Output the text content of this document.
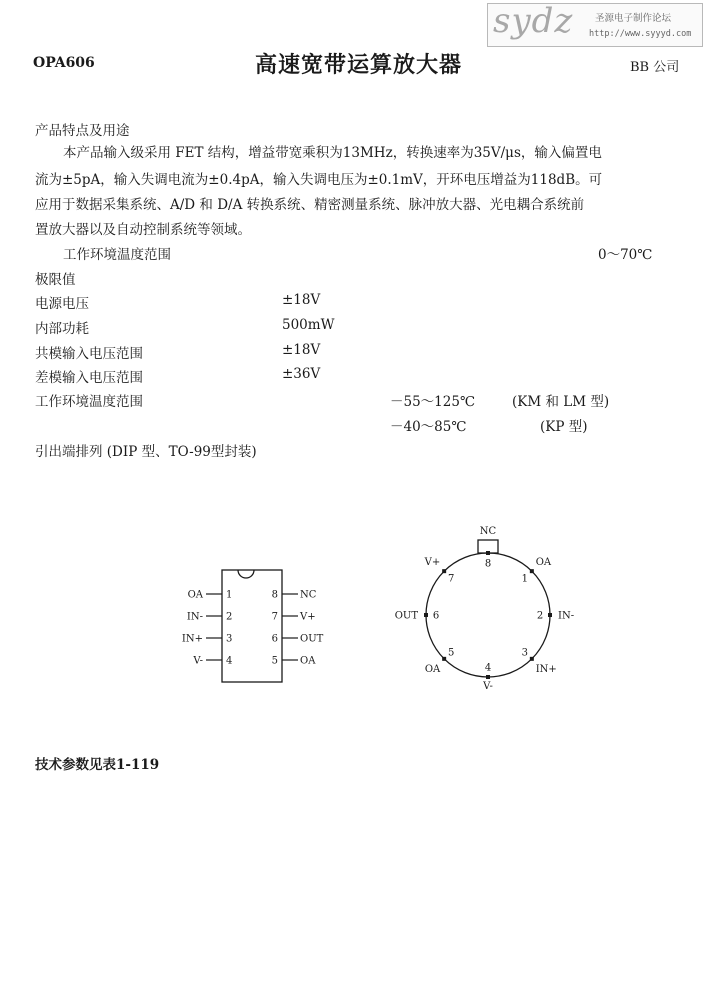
sydz 圣源电子制作论坛
http://www.syyyd.com
OPA606	高速宽带运算放大器	BB 公司
产品特点及用途
本产品输入级采用 FET 结构，增益带宽乘积为13MHz，转换速率为35V/μs，输入偏置电
流为±5pA，输入失调电流为±0.4pA，输入失调电压为±0.1mV，开环电压增益为118dB。可
应用于数据采集系统、A/D 和 D/A 转换系统、精密测量系统、脉冲放大器、光电耦合系统前
置放大器以及自动控制系统等领域。
工作环境温度范围	0～70℃
极限值
电源电压	±18V
内部功耗	500mW
共模输入电压范围	±18V
差模输入电压范围	±36V
工作环境温度范围	－55～125℃	(KM 和 LM 型)
－40～85℃	(KP 型)
引出端排列 (DIP 型、TO-99型封装)
OA 1
IN- 2
IN+ 3
V- 4
NC
8
V+
7
OUT
6
OA
5
1
OA
2 IN-
3
IN+
4
V-
5
OA
6
OUT
7
V+	8
NC
技术参数见表1-119
